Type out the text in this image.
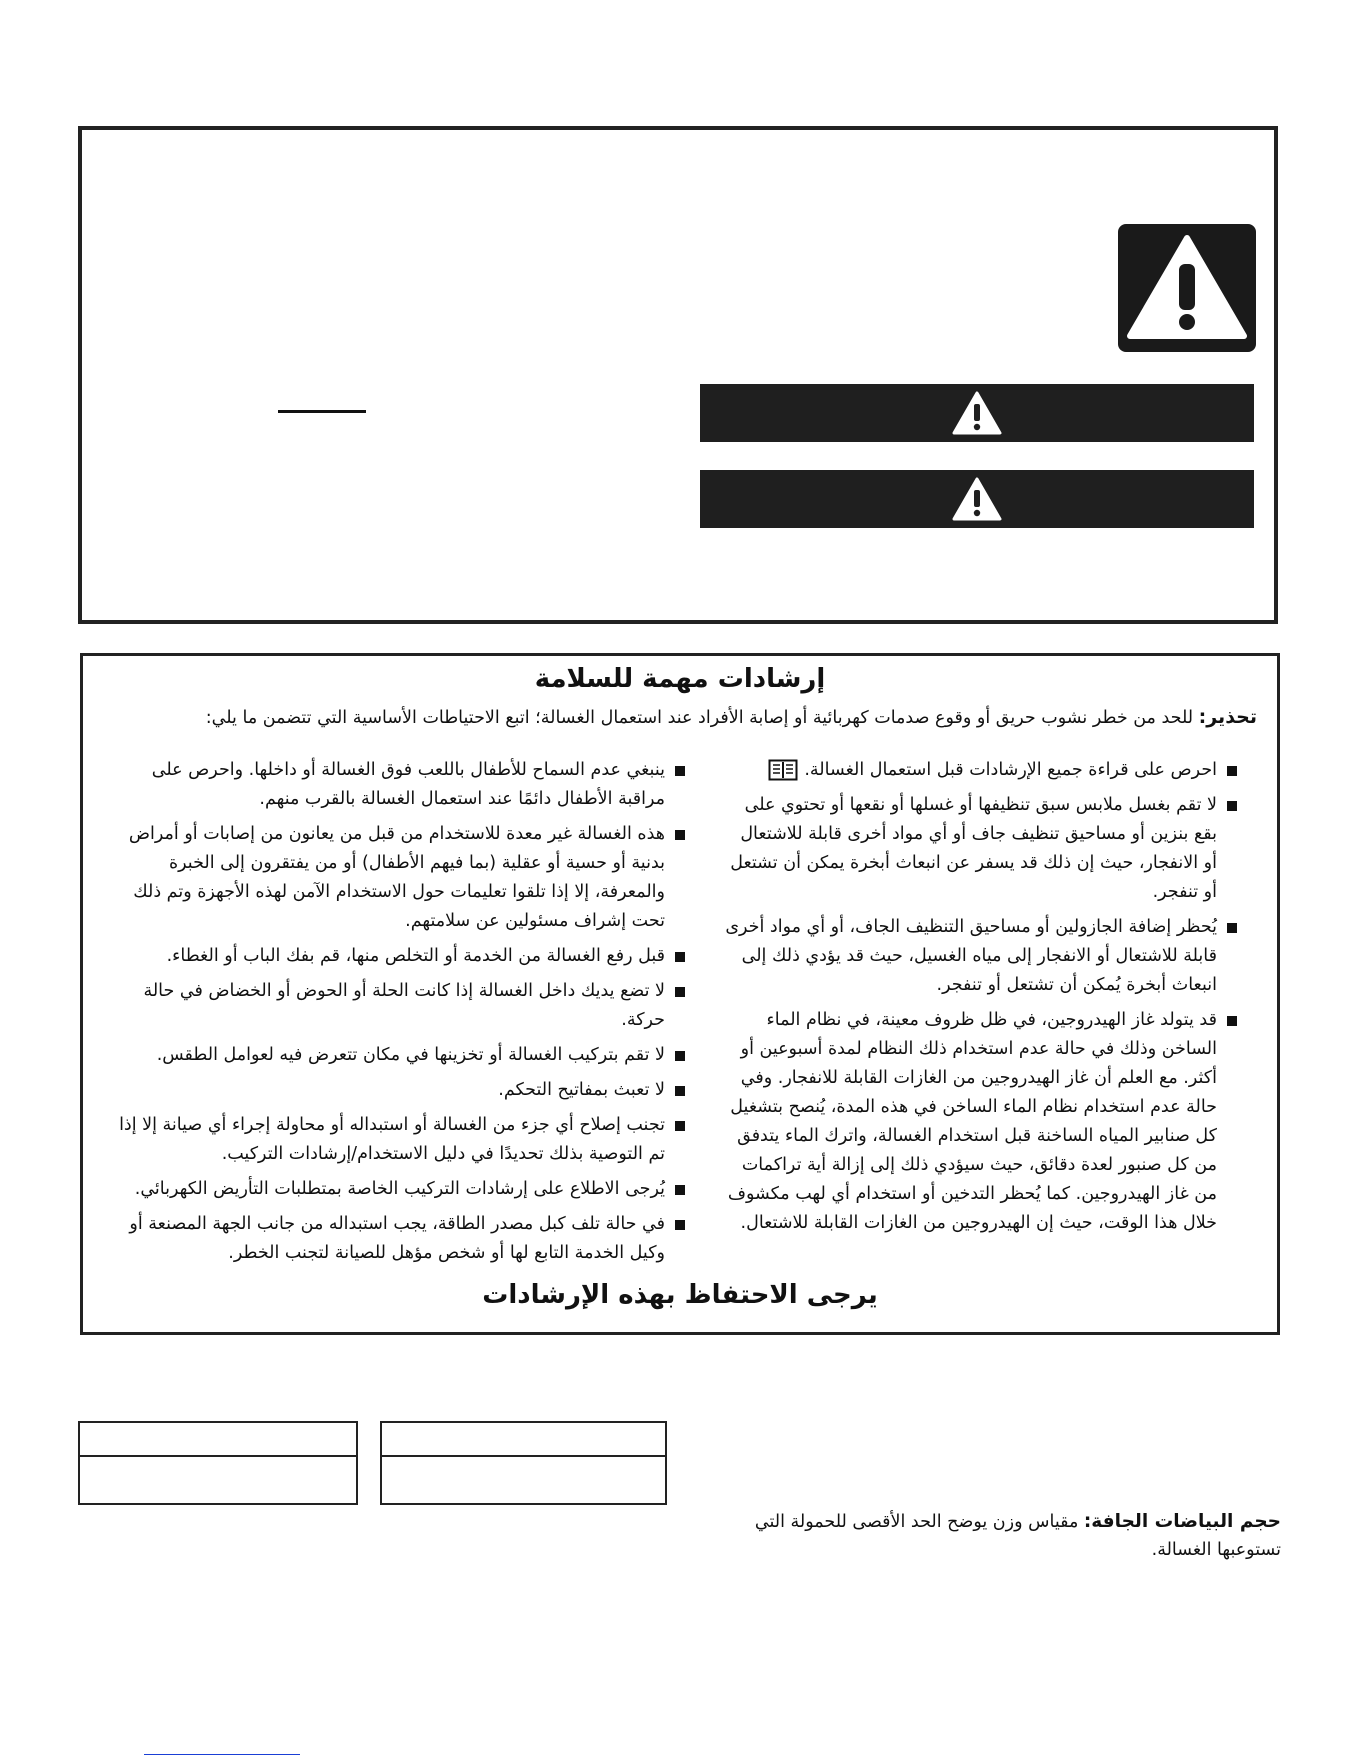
إرشادات مهمة للسلامة
تحذير: للحد من خطر نشوب حريق أو وقوع صدمات كهربائية أو إصابة الأفراد عند استعمال الغسالة؛ اتبع الاحتياطات الأساسية التي تتضمن ما يلي:
احرص على قراءة جميع الإرشادات قبل استعمال الغسالة.
لا تقم بغسل ملابس سبق تنظيفها أو غسلها أو نقعها أو تحتوي على بقع بنزين أو مساحيق تنظيف جاف أو أي مواد أخرى قابلة للاشتعال أو الانفجار، حيث إن ذلك قد يسفر عن انبعاث أبخرة يمكن أن تشتعل أو تنفجر.
يُحظر إضافة الجازولين أو مساحيق التنظيف الجاف، أو أي مواد أخرى قابلة للاشتعال أو الانفجار إلى مياه الغسيل، حيث قد يؤدي ذلك إلى انبعاث أبخرة يُمكن أن تشتعل أو تنفجر.
قد يتولد غاز الهيدروجين، في ظل ظروف معينة، في نظام الماء الساخن وذلك في حالة عدم استخدام ذلك النظام لمدة أسبوعين أو أكثر. مع العلم أن غاز الهيدروجين من الغازات القابلة للانفجار. وفي حالة عدم استخدام نظام الماء الساخن في هذه المدة، يُنصح بتشغيل كل صنابير المياه الساخنة قبل استخدام الغسالة، واترك الماء يتدفق من كل صنبور لعدة دقائق، حيث سيؤدي ذلك إلى إزالة أية تراكمات من غاز الهيدروجين. كما يُحظر التدخين أو استخدام أي لهب مكشوف خلال هذا الوقت، حيث إن الهيدروجين من الغازات القابلة للاشتعال.
ينبغي عدم السماح للأطفال باللعب فوق الغسالة أو داخلها. واحرص على مراقبة الأطفال دائمًا عند استعمال الغسالة بالقرب منهم.
هذه الغسالة غير معدة للاستخدام من قبل من يعانون من إصابات أو أمراض بدنية أو حسية أو عقلية (بما فيهم الأطفال) أو من يفتقرون إلى الخبرة والمعرفة، إلا إذا تلقوا تعليمات حول الاستخدام الآمن لهذه الأجهزة وتم ذلك تحت إشراف مسئولين عن سلامتهم.
قبل رفع الغسالة من الخدمة أو التخلص منها، قم بفك الباب أو الغطاء.
لا تضع يديك داخل الغسالة إذا كانت الحلة أو الحوض أو الخضاض في حالة حركة.
لا تقم بتركيب الغسالة أو تخزينها في مكان تتعرض فيه لعوامل الطقس.
لا تعبث بمفاتيح التحكم.
تجنب إصلاح أي جزء من الغسالة أو استبداله أو محاولة إجراء أي صيانة إلا إذا تم التوصية بذلك تحديدًا في دليل الاستخدام/إرشادات التركيب.
يُرجى الاطلاع على إرشادات التركيب الخاصة بمتطلبات التأريض الكهربائي.
في حالة تلف كبل مصدر الطاقة، يجب استبداله من جانب الجهة المصنعة أو وكيل الخدمة التابع لها أو شخص مؤهل للصيانة لتجنب الخطر.
يرجى الاحتفاظ بهذه الإرشادات
حجم البياضات الجافة: مقياس وزن يوضح الحد الأقصى للحمولة التي تستوعبها الغسالة.
